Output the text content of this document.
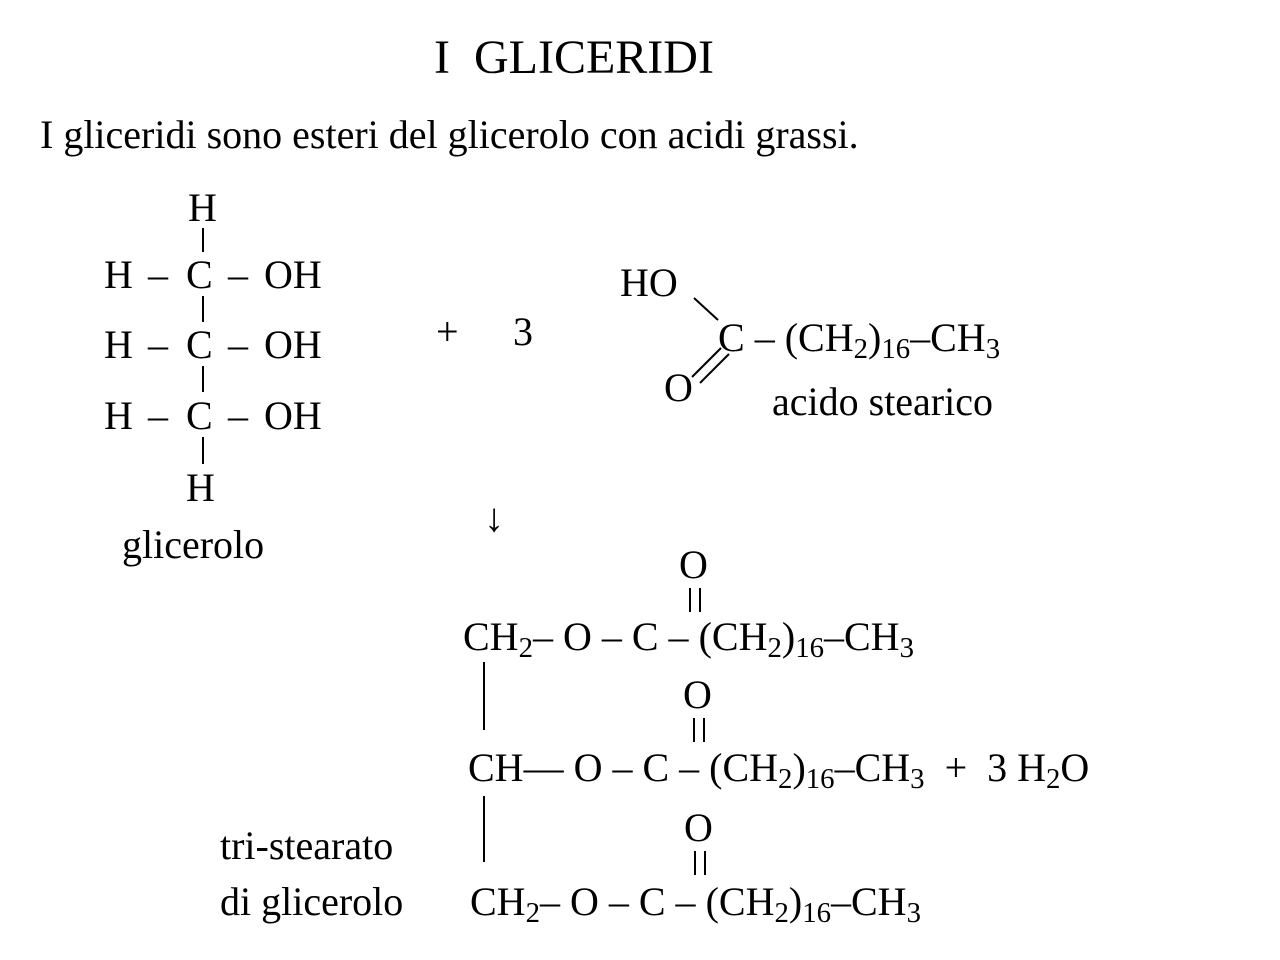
I  GLICERIDI
I gliceridi sono esteri del glicerolo con acidi grassi.
H
H – C – OH
H – C – OH
H – C – OH
H
glicerolo
+ 3
HO
O
C – $(CH_2)_{16}-CH_3$
acido stearico
↓
O
$CH_2-$ O – C – $(CH_2)_{16}-CH_3$
O
CH— $O - C - (CH_2)_{16}-CH_3 + 3$ $H_2O$
O
$CH_2-$ O – C – $(CH_2)_{16}-CH_3$
tri-stearato
di glicerolo
